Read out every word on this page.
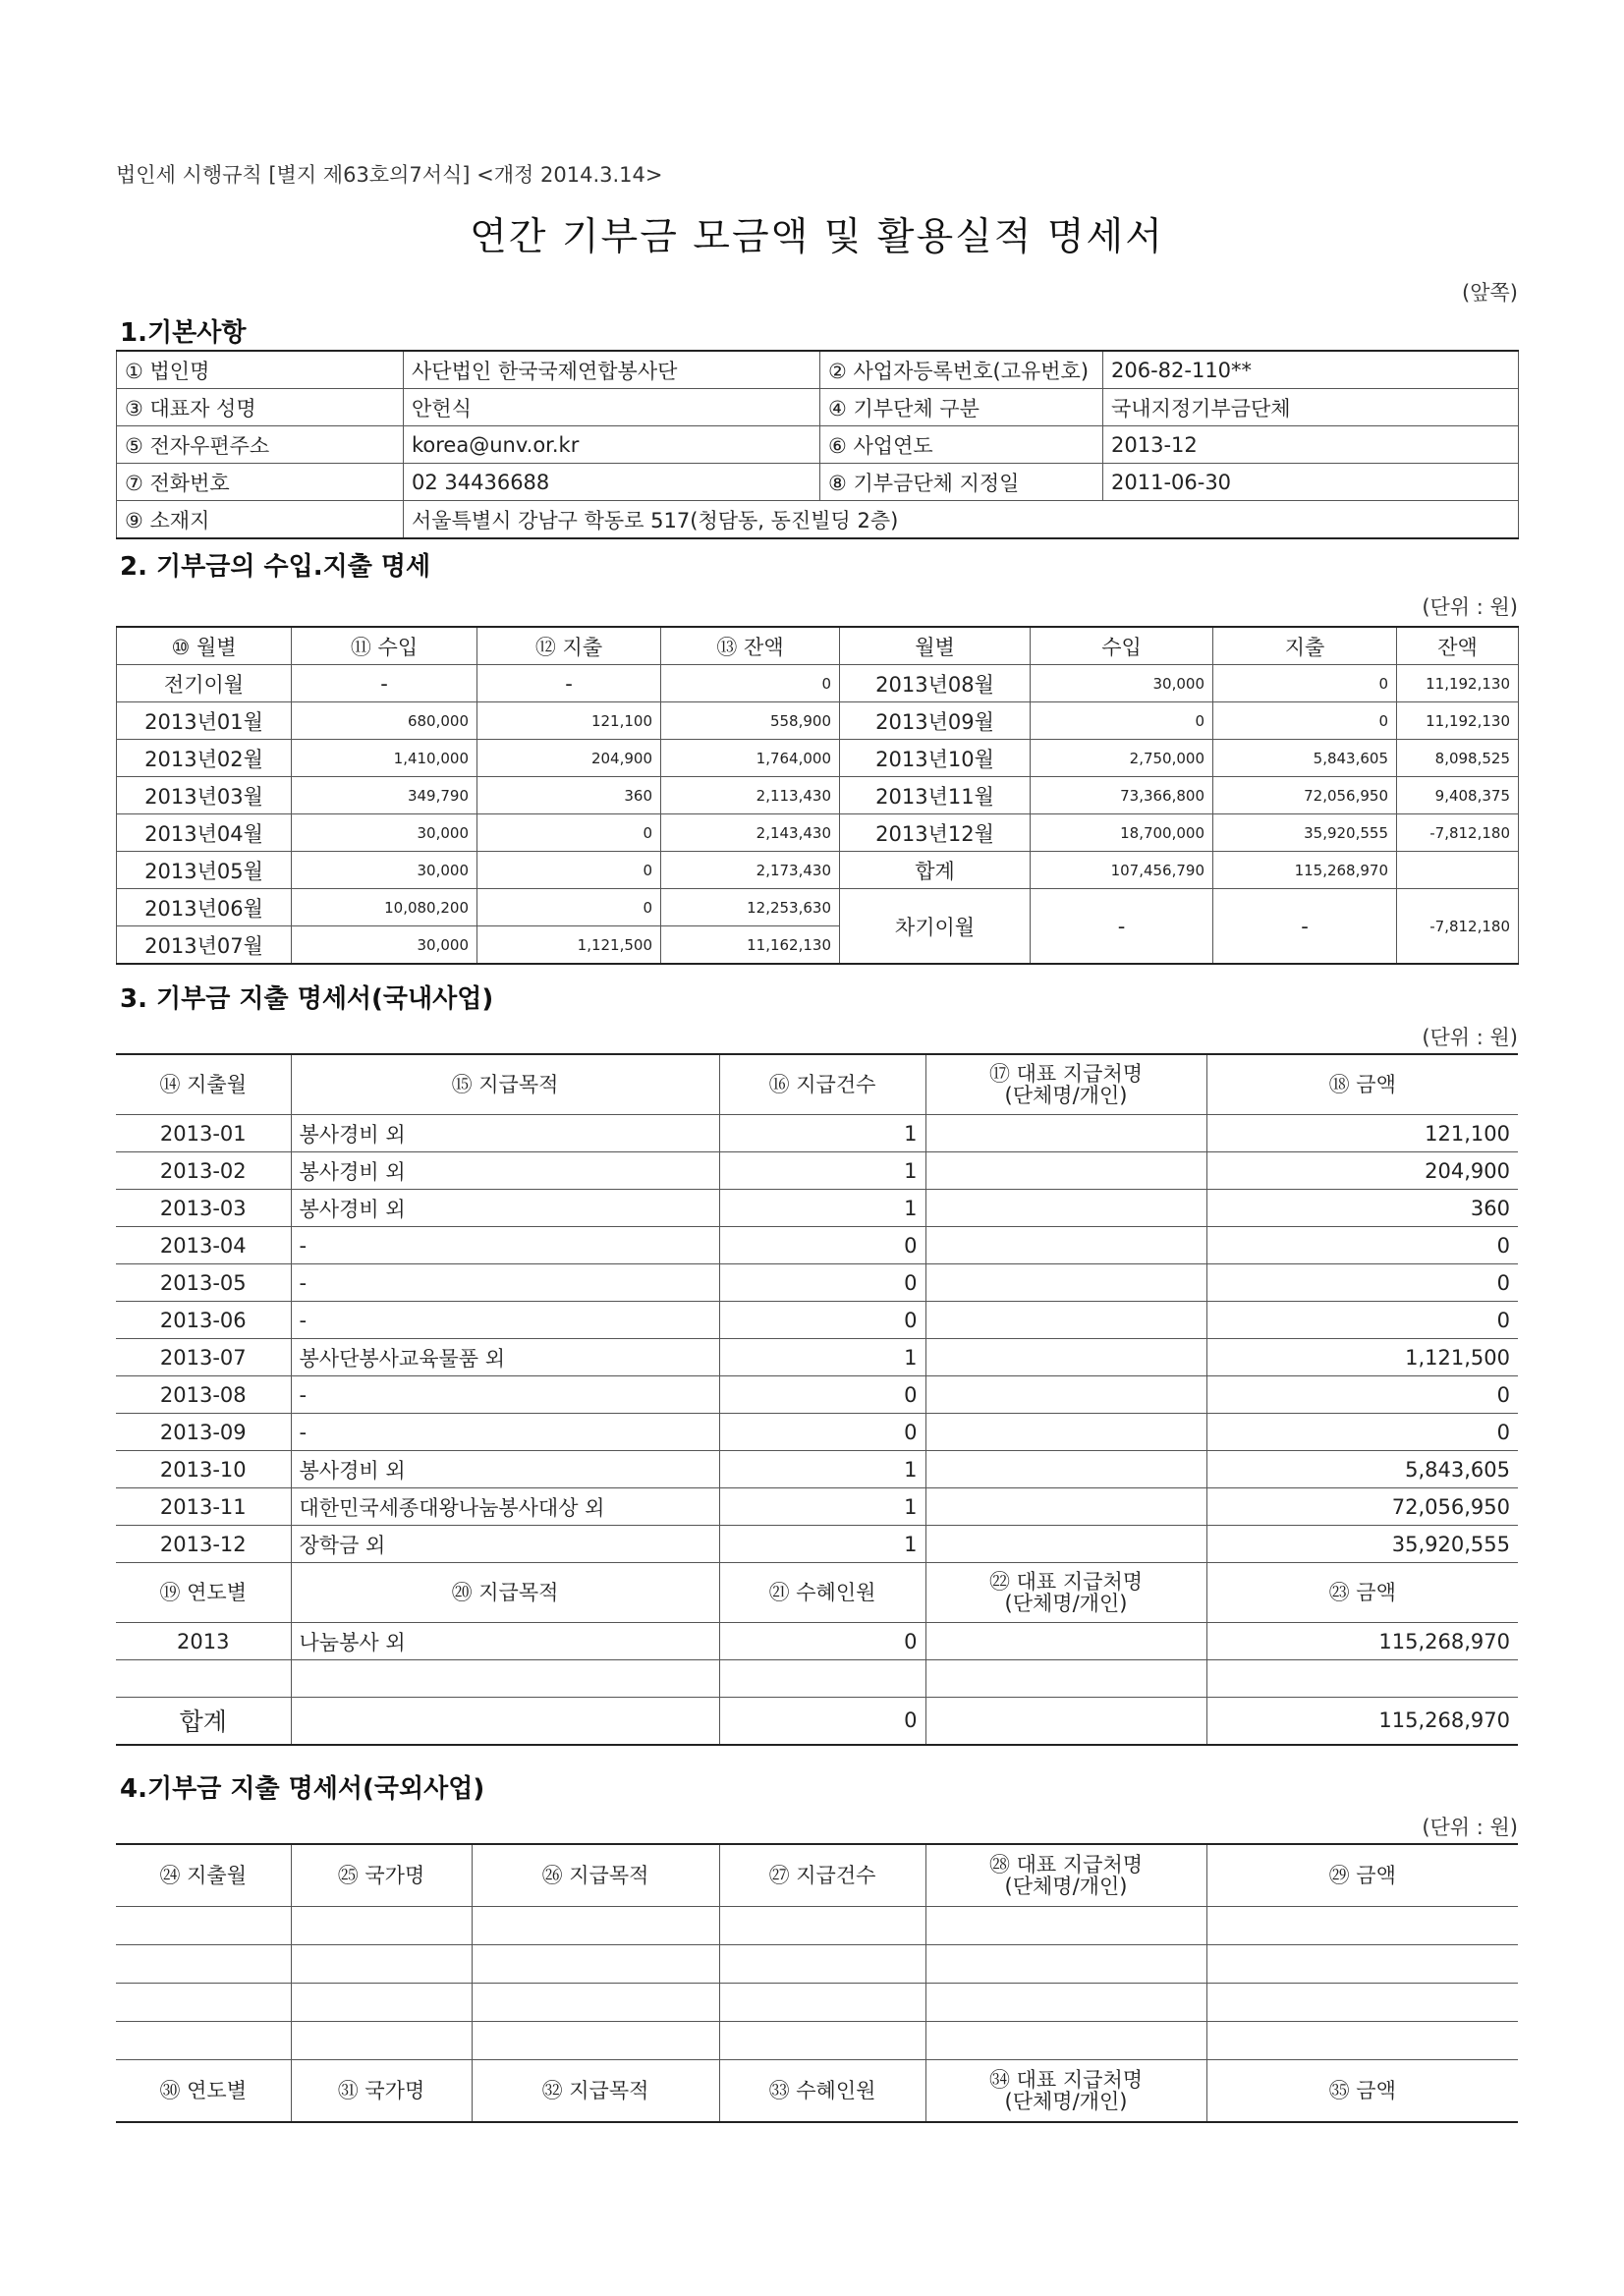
법인세 시행규칙 [별지 제63호의7서식] <개정 2014.3.14>
연간 기부금 모금액 및 활용실적 명세서
(앞쪽)
1.기본사항
① 법인명	사단법인 한국국제연합봉사단	② 사업자등록번호(고유번호)	206-82-110**
③ 대표자 성명	안헌식	④ 기부단체 구분	국내지정기부금단체
⑤ 전자우편주소	korea@unv.or.kr	⑥ 사업연도	2013-12
⑦ 전화번호	02 34436688	⑧ 기부금단체 지정일	2011-06-30
⑨ 소재지	서울특별시 강남구 학동로 517(청담동, 동진빌딩 2층)		
2. 기부금의 수입.지출 명세
(단위 : 원)
⑩ 월별	⑪ 수입	⑫ 지출	⑬ 잔액	월별	수입	지출	잔액
전기이월	-	-	0	2013년08월	30,000	0	11,192,130
2013년01월	680,000	121,100	558,900	2013년09월	0	0	11,192,130
2013년02월	1,410,000	204,900	1,764,000	2013년10월	2,750,000	5,843,605	8,098,525
2013년03월	349,790	360	2,113,430	2013년11월	73,366,800	72,056,950	9,408,375
2013년04월	30,000	0	2,143,430	2013년12월	18,700,000	35,920,555	-7,812,180
2013년05월	30,000	0	2,173,430	합계	107,456,790	115,268,970	
2013년06월	10,080,200	0	12,253,630	차기이월	-	-	-7,812,180
2013년07월	30,000	1,121,500	11,162,130				
3. 기부금 지출 명세서(국내사업)
(단위 : 원)
⑭ 지출월	⑮ 지급목적	⑯ 지급건수	⑰ 대표 지급처명
(단체명/개인)	⑱ 금액
2013-01	봉사경비 외	1		121,100
2013-02	봉사경비 외	1		204,900
2013-03	봉사경비 외	1		360
2013-04	-	0		0
2013-05	-	0		0
2013-06	-	0		0
2013-07	봉사단봉사교육물품 외	1		1,121,500
2013-08	-	0		0
2013-09	-	0		0
2013-10	봉사경비 외	1		5,843,605
2013-11	대한민국세종대왕나눔봉사대상 외	1		72,056,950
2013-12	장학금 외	1		35,920,555
⑲ 연도별	⑳ 지급목적	㉑ 수혜인원	㉒ 대표 지급처명
(단체명/개인)	㉓ 금액
2013	나눔봉사 외	0		115,268,970

합계		0		115,268,970
4.기부금 지출 명세서(국외사업)
(단위 : 원)
㉔ 지출월	㉕ 국가명	㉖ 지급목적	㉗ 지급건수	㉘ 대표 지급처명
(단체명/개인)	㉙ 금액

㉚ 연도별	㉛ 국가명	㉜ 지급목적	㉝ 수혜인원	㉞ 대표 지급처명
(단체명/개인)	㉟ 금액
